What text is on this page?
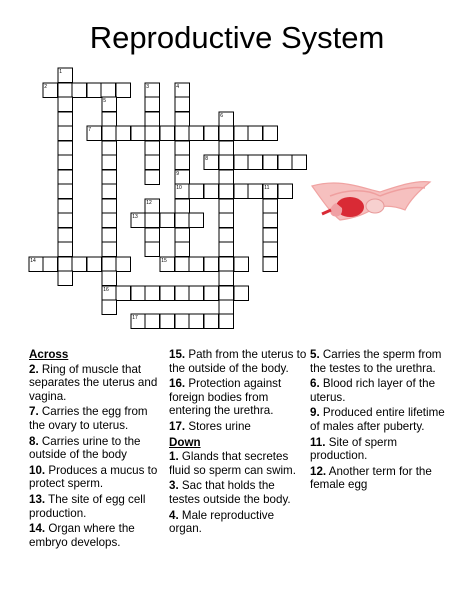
Reproductive System
1
2	3	4
5
6
7
8
9
10	11
12
13
14	15
16
17
Across
2. Ring of muscle that separates the uterus and vagina.
7. Carries the egg from the ovary to uterus.
8. Carries urine to the outside of the body
10. Produces a mucus to protect sperm.
13. The site of egg cell production.
14. Organ where the embryo develops.
15. Path from the uterus to the outside of the body.
16. Protection against foreign bodies from entering the urethra.
17. Stores urine
Down
1. Glands that secretes fluid so sperm can swim.
3. Sac that holds the testes outside the body.
4. Male reproductive organ.
5. Carries the sperm from the testes to the urethra.
6. Blood rich layer of the uterus.
9. Produced entire lifetime of males after puberty.
11. Site of sperm production.
12. Another term for the female egg
